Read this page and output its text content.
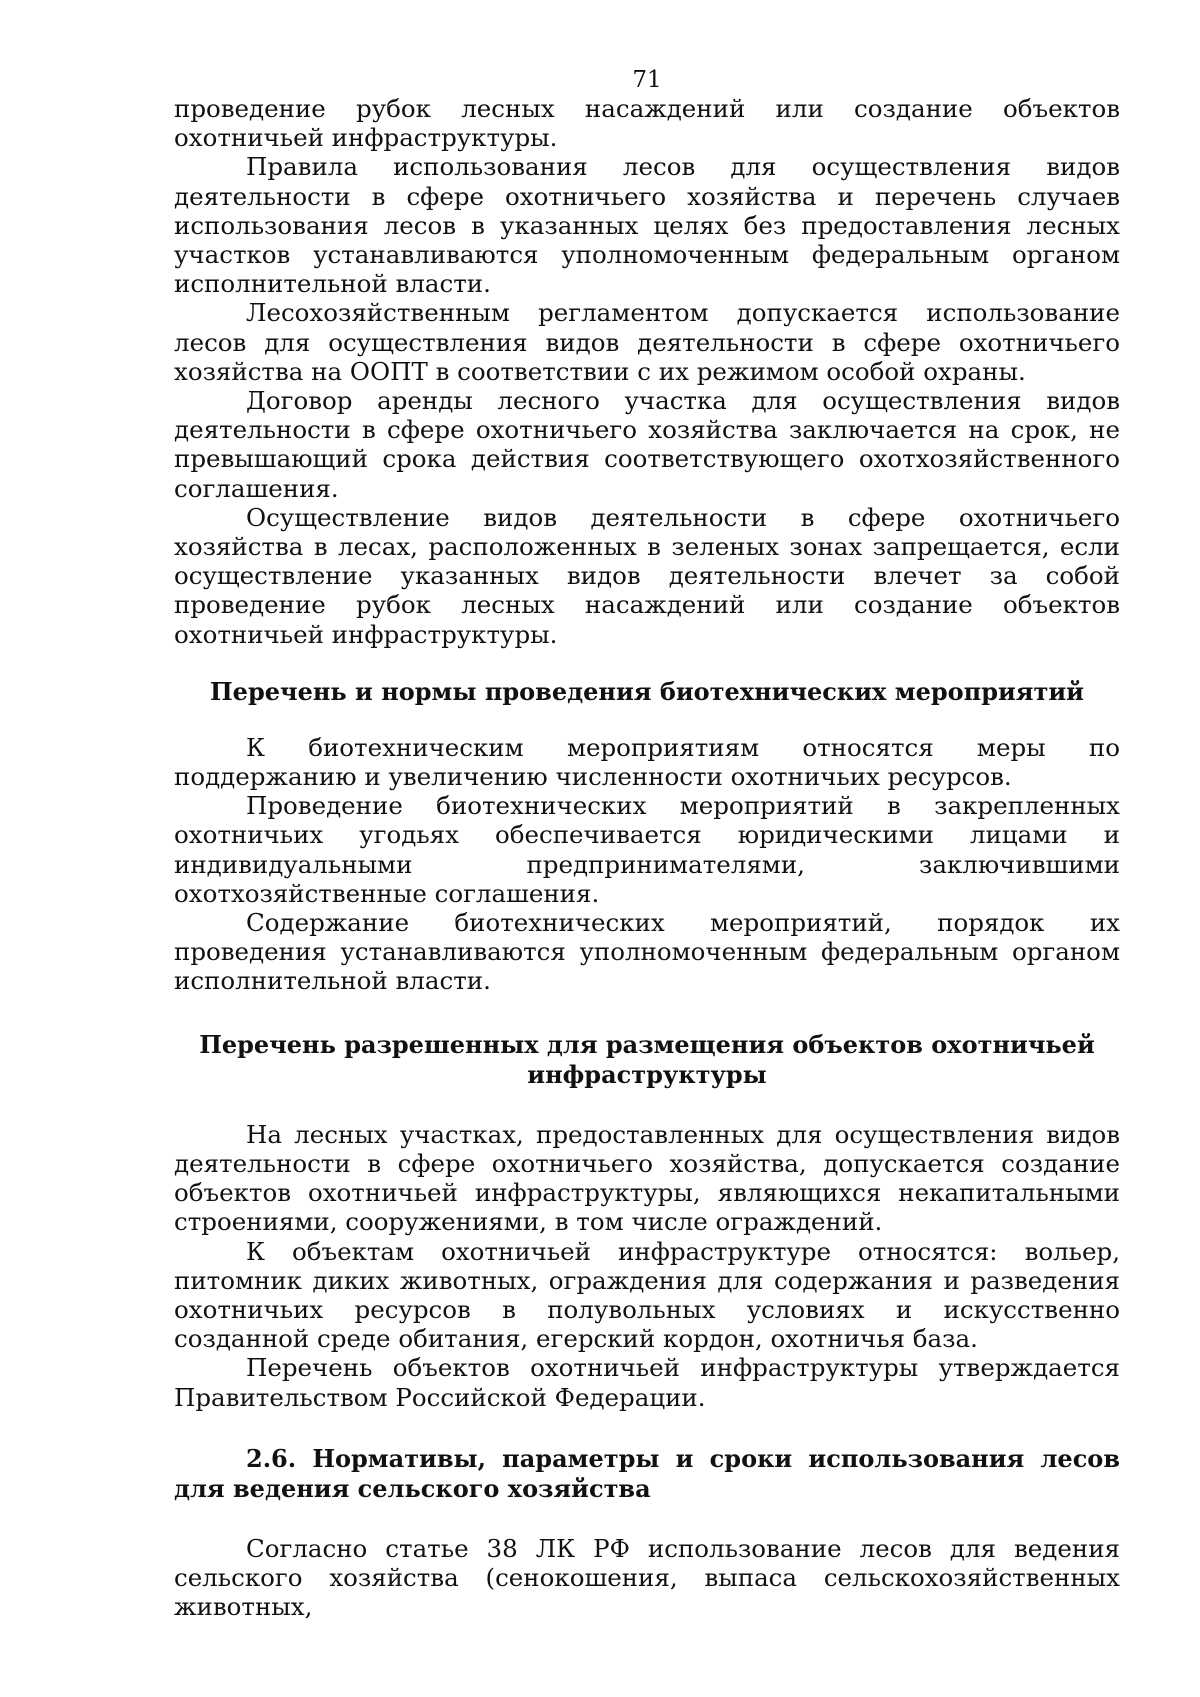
71

проведение рубок лесных насаждений или создание объектов охотничьей инфраструктуры.

Правила использования лесов для осуществления видов деятельности в сфере охотничьего хозяйства и перечень случаев использования лесов в указанных целях без предоставления лесных участков устанавливаются уполномоченным федеральным органом исполнительной власти.

Лесохозяйственным регламентом допускается использование лесов для осуществления видов деятельности в сфере охотничьего хозяйства на ООПТ в соответствии с их режимом особой охраны.

Договор аренды лесного участка для осуществления видов деятельности в сфере охотничьего хозяйства заключается на срок, не превышающий срока действия соответствующего охотхозяйственного соглашения.

Осуществление видов деятельности в сфере охотничьего хозяйства в лесах, расположенных в зеленых зонах запрещается, если осуществление указанных видов деятельности влечет за собой проведение рубок лесных насаждений или создание объектов охотничьей инфраструктуры.

Перечень и нормы проведения биотехнических мероприятий

К биотехническим мероприятиям относятся меры по поддержанию и увеличению численности охотничьих ресурсов.

Проведение биотехнических мероприятий в закрепленных охотничьих угодьях обеспечивается юридическими лицами и индивидуальными предпринимателями, заключившими охотхозяйственные соглашения.

Содержание биотехнических мероприятий, порядок их проведения устанавливаются уполномоченным федеральным органом исполнительной власти.

Перечень разрешенных для размещения объектов охотничьей
инфраструктуры

На лесных участках, предоставленных для осуществления видов деятельности в сфере охотничьего хозяйства, допускается создание объектов охотничьей инфраструктуры, являющихся некапитальными строениями, сооружениями, в том числе ограждений.

К объектам охотничьей инфраструктуре относятся: вольер, питомник диких животных, ограждения для содержания и разведения охотничьих ресурсов в полувольных условиях и искусственно созданной среде обитания, егерский кордон, охотничья база.

Перечень объектов охотничьей инфраструктуры утверждается Правительством Российской Федерации.

2.6. Нормативы, параметры и сроки использования лесов для ведения сельского хозяйства

Согласно статье 38 ЛК РФ использование лесов для ведения сельского хозяйства (сенокошения, выпаса сельскохозяйственных животных,
